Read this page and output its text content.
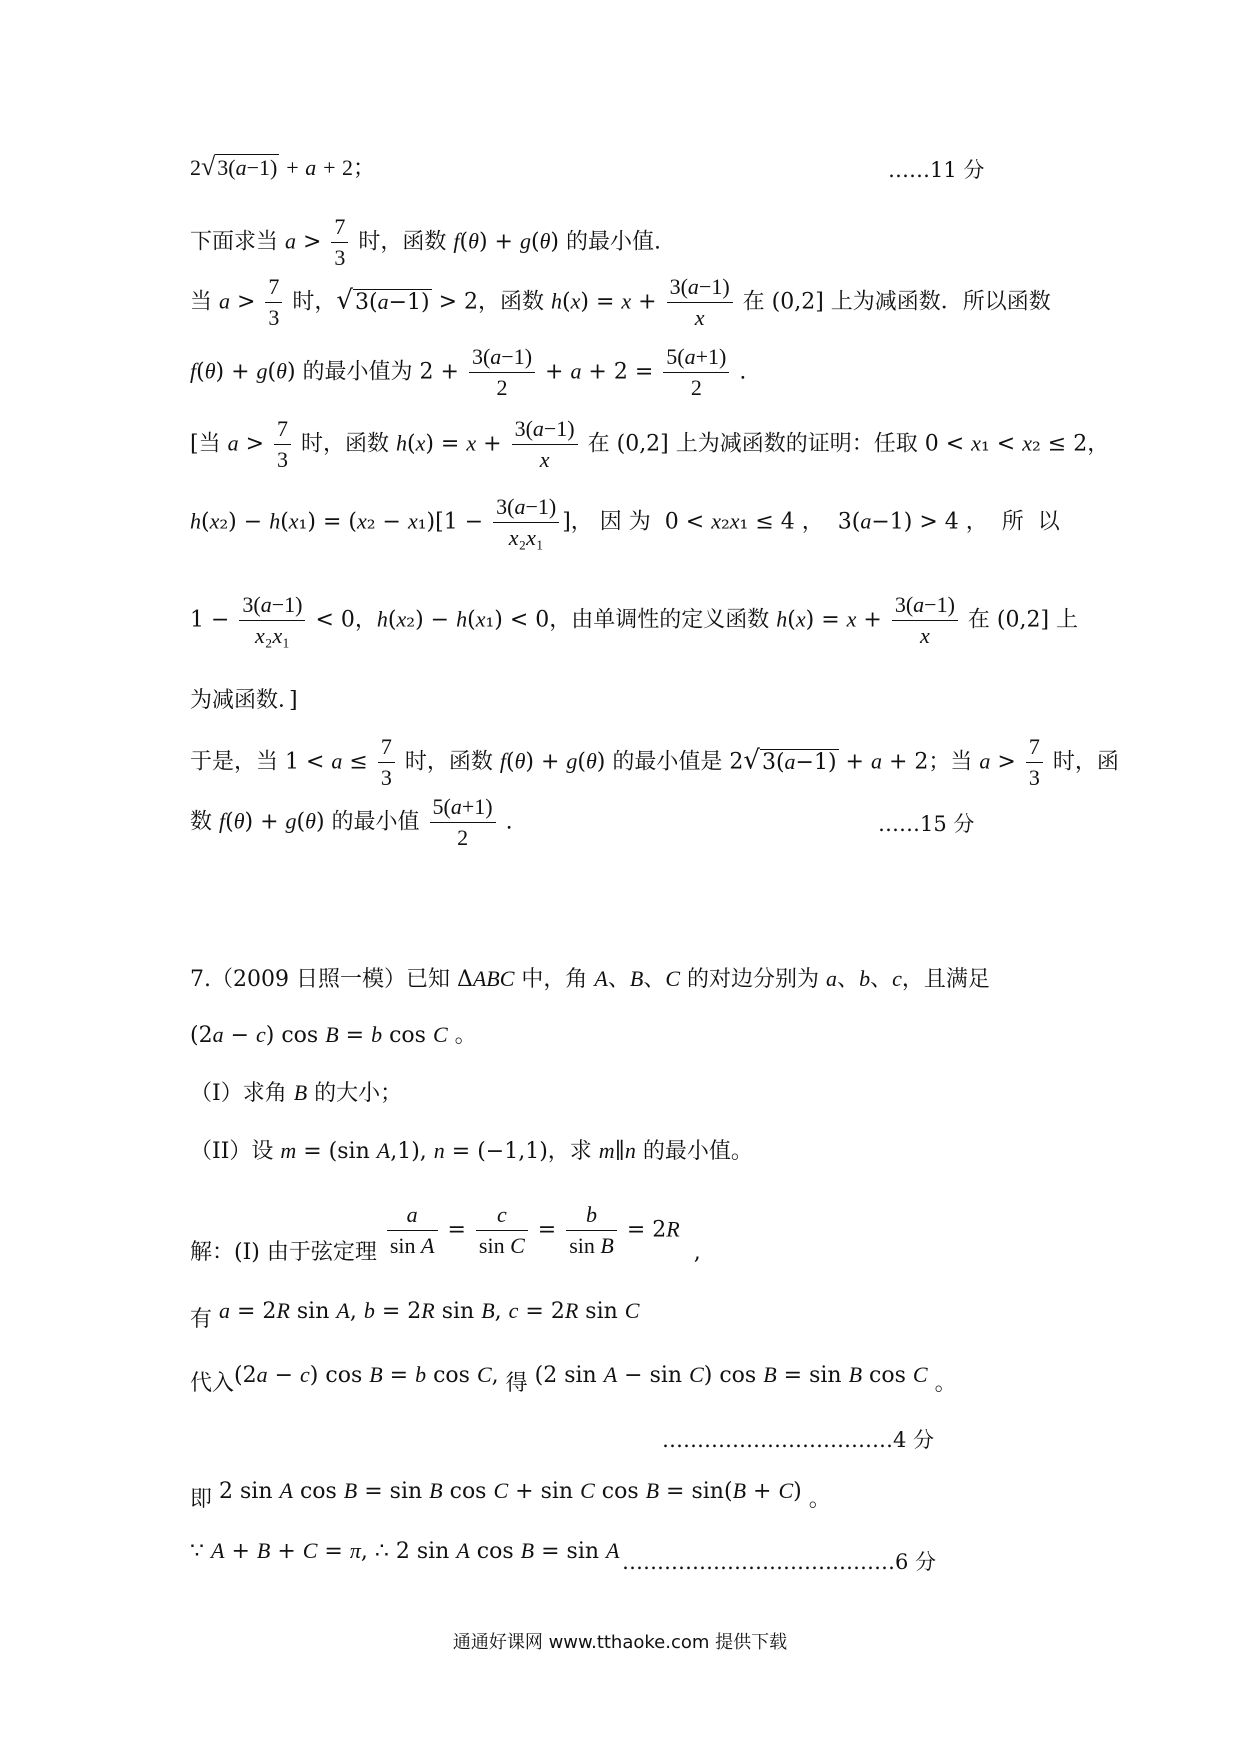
2√3(a−1) + a + 2；	……11 分
下面求当 $a > \frac{7}{3}$ 时，函数 f(θ) + g(θ) 的最小值.
当 $a > \frac{7}{3}$ 时，√3(a−1) > 2，函数 $h(x) = x + \frac{3(a-1)}{x}$ 在 (0,2] 上为减函数．所以函数
f(θ) + g(θ) 的最小值为 $2 + \frac{3(a-1)}{2} + a + 2 = \frac{5(a+1)}{2}$ .
[当 $a > \frac{7}{3}$ 时，函数 $h(x) = x + \frac{3(a-1)}{x}$ 在 (0,2] 上为减函数的证明：任取 0 < x₁ < x₂ ≤ 2，
$h(x_2) - h(x_1) = (x_2 - x_1)[1 - \frac{3(a-1)}{\text{x₂x₁}}$ ]， 因 为  0 < x₂x₁ ≤ 4 ，  3(a−1) > 4 ，  所  以
$1 - \frac{3(a-1)}{\text{x₂x₁}} < 0$，h(x₂) − h(x₁) < 0，由单调性的定义函数 $h(x) = x + \frac{3(a-1)}{x}$ 在 (0,2] 上
为减函数．]
于是，当 $1 < a \le \frac{7}{3}$ 时，函数 f(θ) + g(θ) 的最小值是 2√3(a−1) + a + 2；当 $a > \frac{7}{3}$ 时，函
数 f(θ) + g(θ) 的最小值 $\frac{5(a+1)}{2}$ .	……15 分
7.（2009 日照一模）已知 ΔABC 中，角 A、B、C 的对边分别为 a、b、c，且满足
(2a − c) cos B = b cos C 。
（I）求角 B 的大小；
（II）设 m = (sin A,1), n = (−1,1)，求 m∥n 的最小值。
解：(I) 由于弦定理 $\frac{a}{\text{sin A}} = \frac{c}{\text{sin C}} = \frac{b}{\text{sin B}} = 2R$  ,
有 a = 2R sin A, b = 2R sin B, c = 2R sin C
代入(2a − c) cos B = b cos C, 得 (2 sin A − sin C) cos B = sin B cos C 。
……………………………4 分
即 2 sin A cos B = sin B cos C + sin C cos B = sin(B + C) 。
∵ A + B + C = π, ∴ 2 sin A cos B = sin A …………………………………6 分
通通好课网 www.tthaoke.com 提供下载
